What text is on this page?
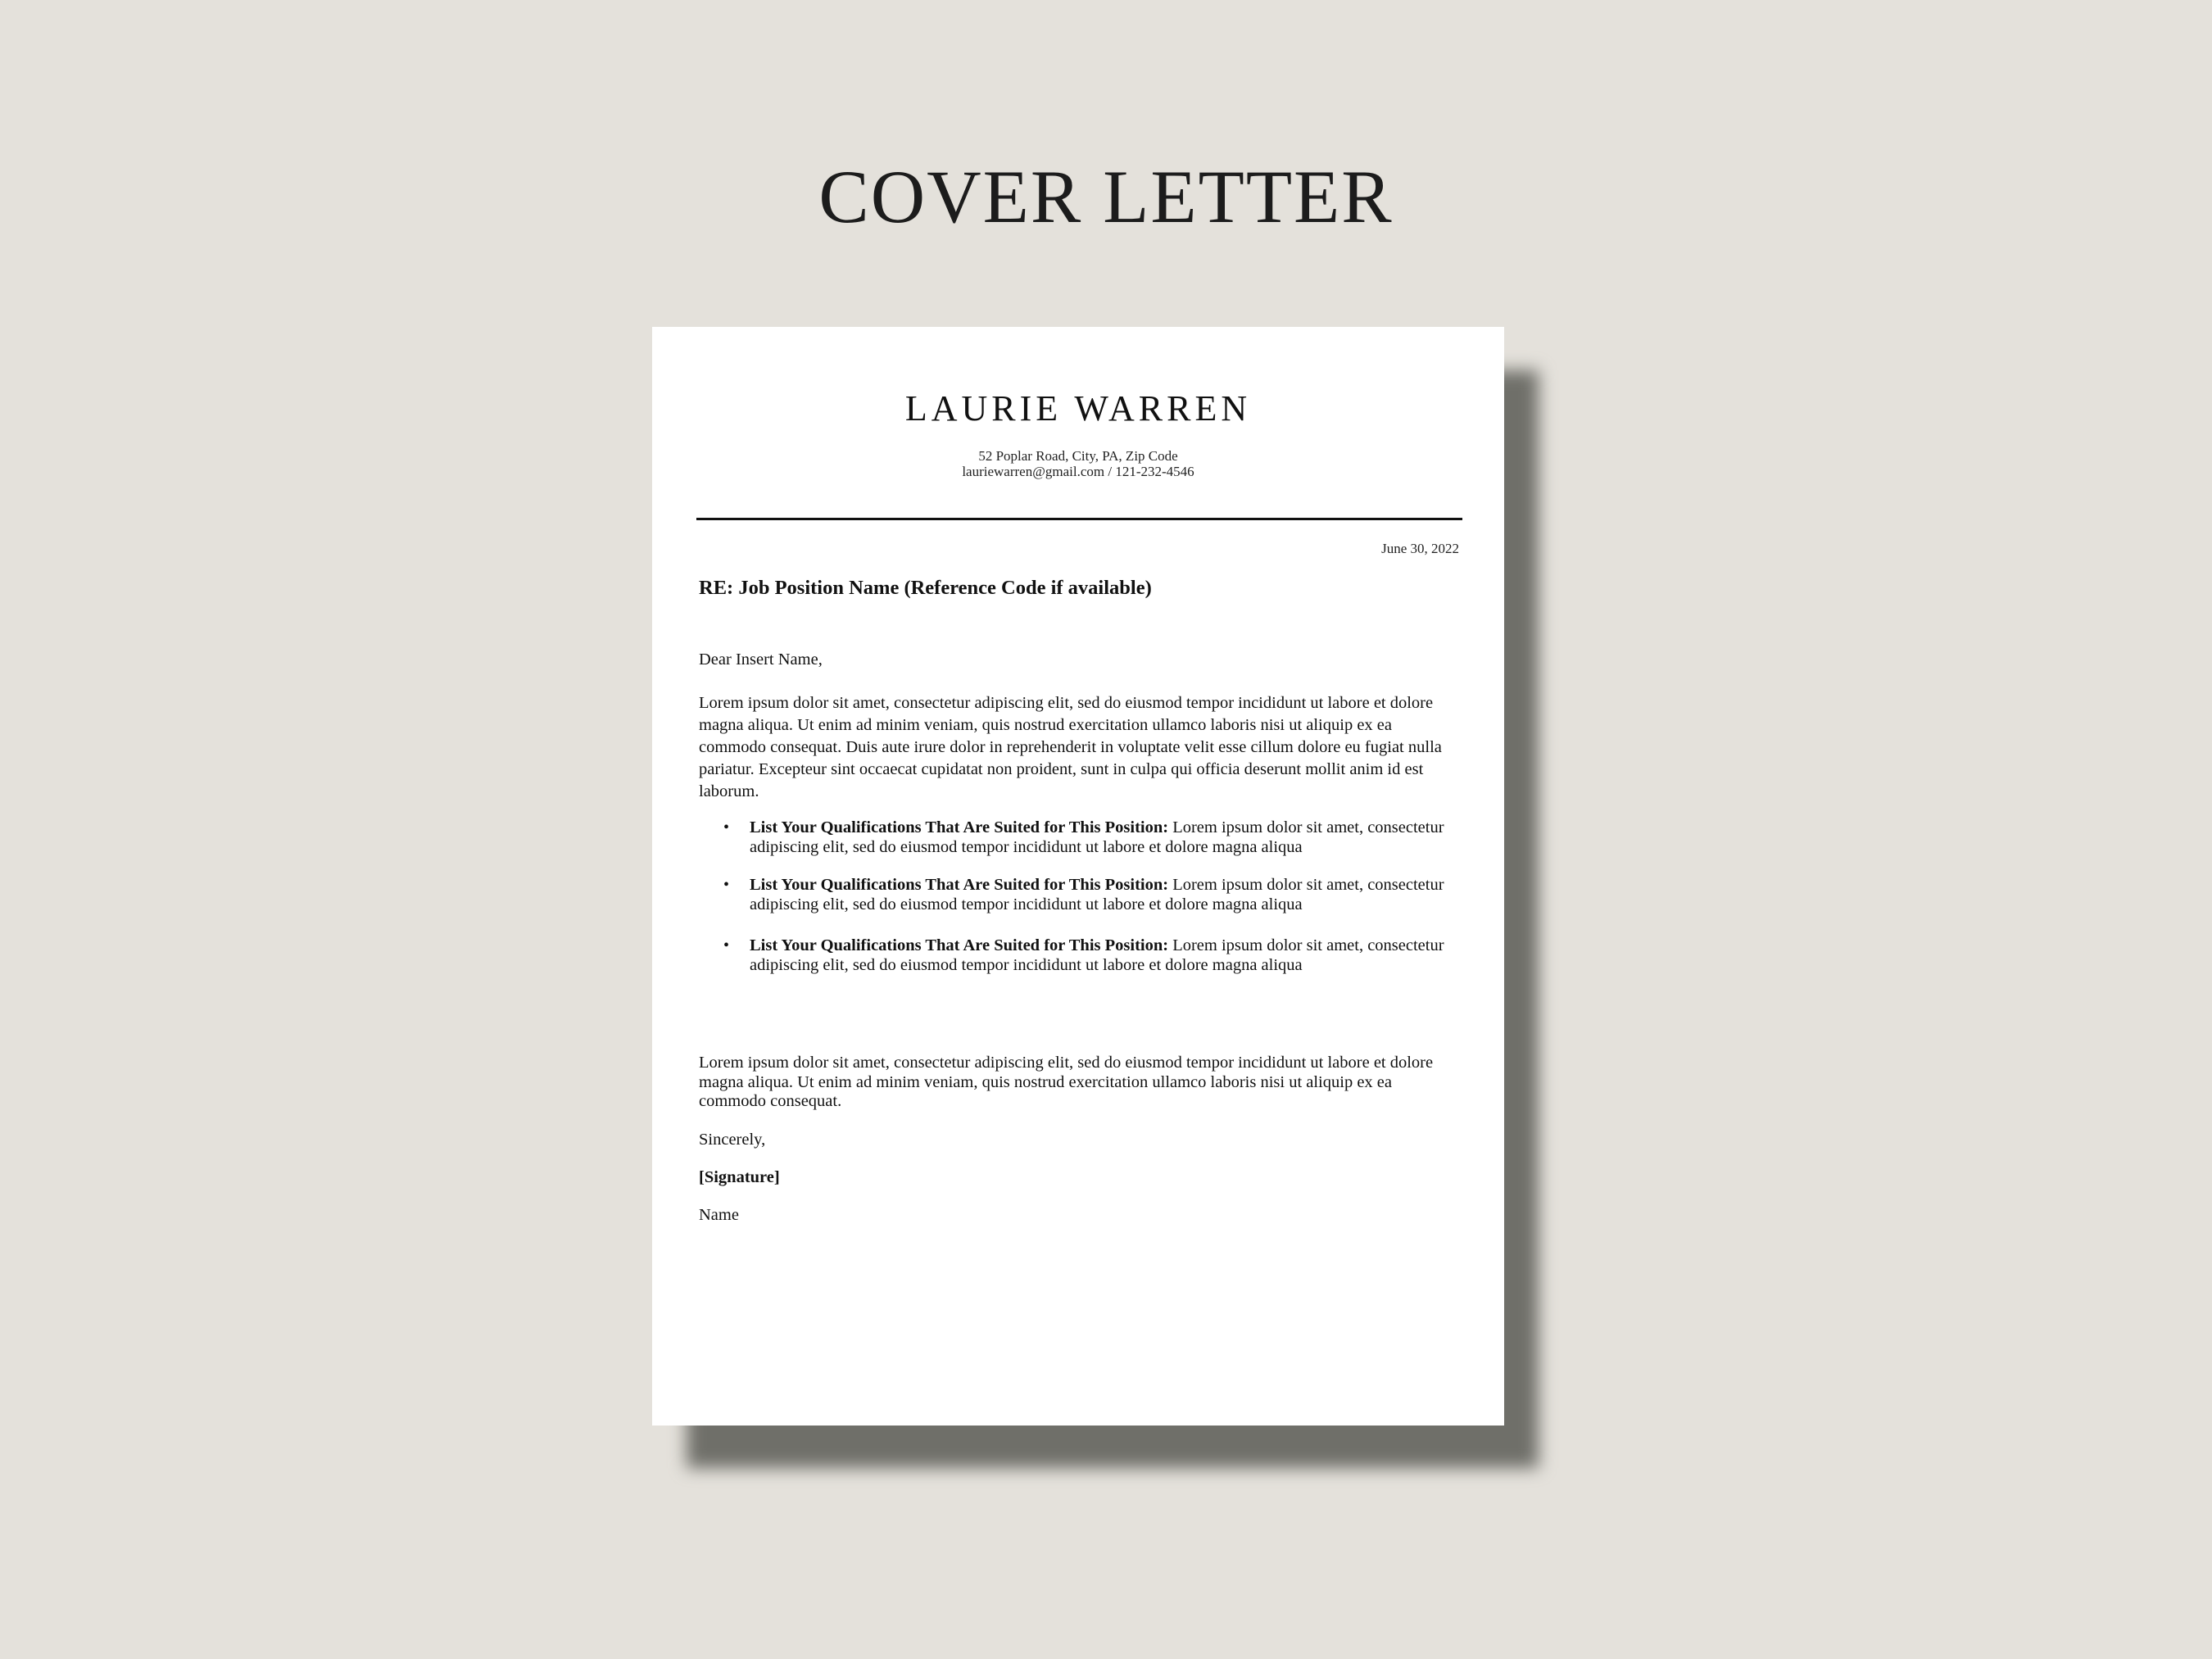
COVER LETTER
LAURIE WARREN
52 Poplar Road, City, PA, Zip Code
lauriewarren@gmail.com / 121-232-4546
June 30, 2022
RE: Job Position Name (Reference Code if available)
Dear Insert Name,
Lorem ipsum dolor sit amet, consectetur adipiscing elit, sed do eiusmod tempor incididunt ut labore et dolore magna aliqua. Ut enim ad minim veniam, quis nostrud exercitation ullamco laboris nisi ut aliquip ex ea commodo consequat. Duis aute irure dolor in reprehenderit in voluptate velit esse cillum dolore eu fugiat nulla pariatur. Excepteur sint occaecat cupidatat non proident, sunt in culpa qui officia deserunt mollit anim id est laborum.
• List Your Qualifications That Are Suited for This Position: Lorem ipsum dolor sit amet, consectetur adipiscing elit, sed do eiusmod tempor incididunt ut labore et dolore magna aliqua
• List Your Qualifications That Are Suited for This Position: Lorem ipsum dolor sit amet, consectetur adipiscing elit, sed do eiusmod tempor incididunt ut labore et dolore magna aliqua
• List Your Qualifications That Are Suited for This Position: Lorem ipsum dolor sit amet, consectetur adipiscing elit, sed do eiusmod tempor incididunt ut labore et dolore magna aliqua
Lorem ipsum dolor sit amet, consectetur adipiscing elit, sed do eiusmod tempor incididunt ut labore et dolore magna aliqua. Ut enim ad minim veniam, quis nostrud exercitation ullamco laboris nisi ut aliquip ex ea commodo consequat.
Sincerely,
[Signature]
Name
